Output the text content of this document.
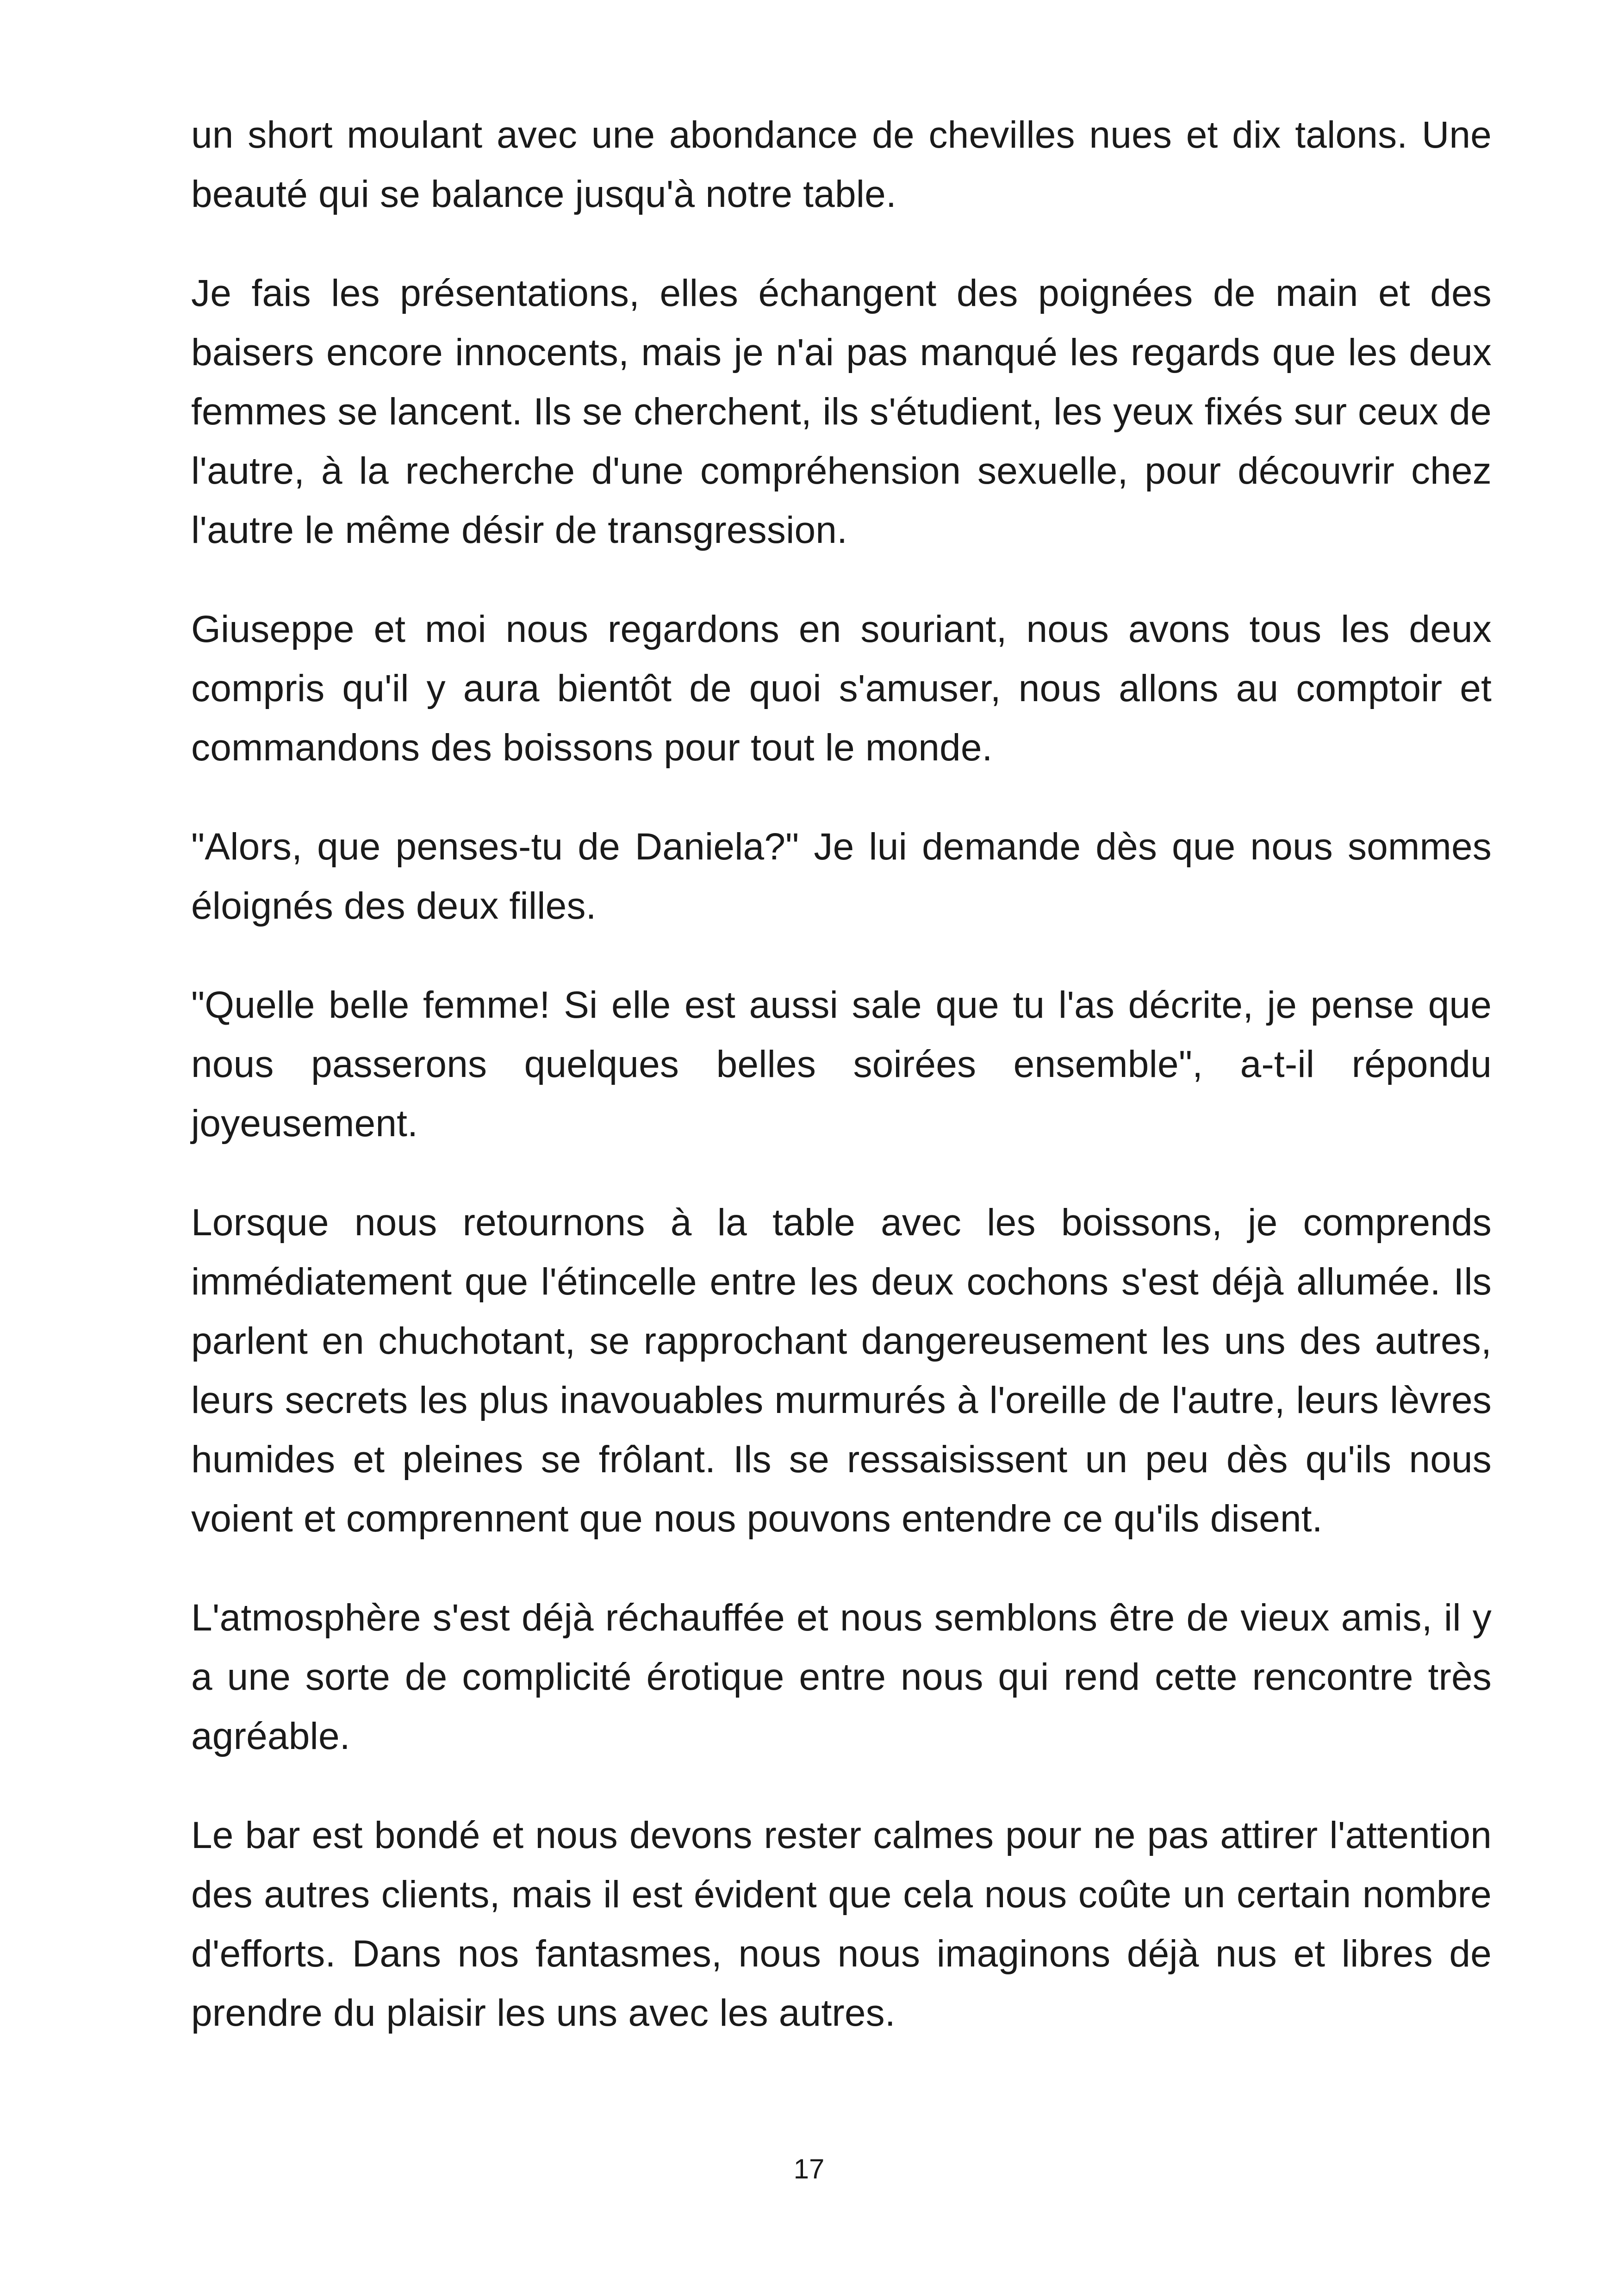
un short moulant avec une abondance de chevilles nues et dix talons. Une beauté qui se balance jusqu'à notre table.

Je fais les présentations, elles échangent des poignées de main et des baisers encore innocents, mais je n'ai pas manqué les regards que les deux femmes se lancent. Ils se cherchent, ils s'étudient, les yeux fixés sur ceux de l'autre, à la recherche d'une compréhension sexuelle, pour découvrir chez l'autre le même désir de transgression.

Giuseppe et moi nous regardons en souriant, nous avons tous les deux compris qu'il y aura bientôt de quoi s'amuser, nous allons au comptoir et commandons des boissons pour tout le monde.

"Alors, que penses-tu de Daniela?" Je lui demande dès que nous sommes éloignés des deux filles.

"Quelle belle femme! Si elle est aussi sale que tu l'as décrite, je pense que nous passerons quelques belles soirées ensemble", a-t-il répondu joyeusement.

Lorsque nous retournons à la table avec les boissons, je comprends immédiatement que l'étincelle entre les deux cochons s'est déjà allumée. Ils parlent en chuchotant, se rapprochant dangereusement les uns des autres, leurs secrets les plus inavouables murmurés à l'oreille de l'autre, leurs lèvres humides et pleines se frôlant. Ils se ressaisissent un peu dès qu'ils nous voient et comprennent que nous pouvons entendre ce qu'ils disent.

L'atmosphère s'est déjà réchauffée et nous semblons être de vieux amis, il y a une sorte de complicité érotique entre nous qui rend cette rencontre très agréable.

Le bar est bondé et nous devons rester calmes pour ne pas attirer l'attention des autres clients, mais il est évident que cela nous coûte un certain nombre d'efforts. Dans nos fantasmes, nous nous imaginons déjà nus et libres de prendre du plaisir les uns avec les autres.

17
